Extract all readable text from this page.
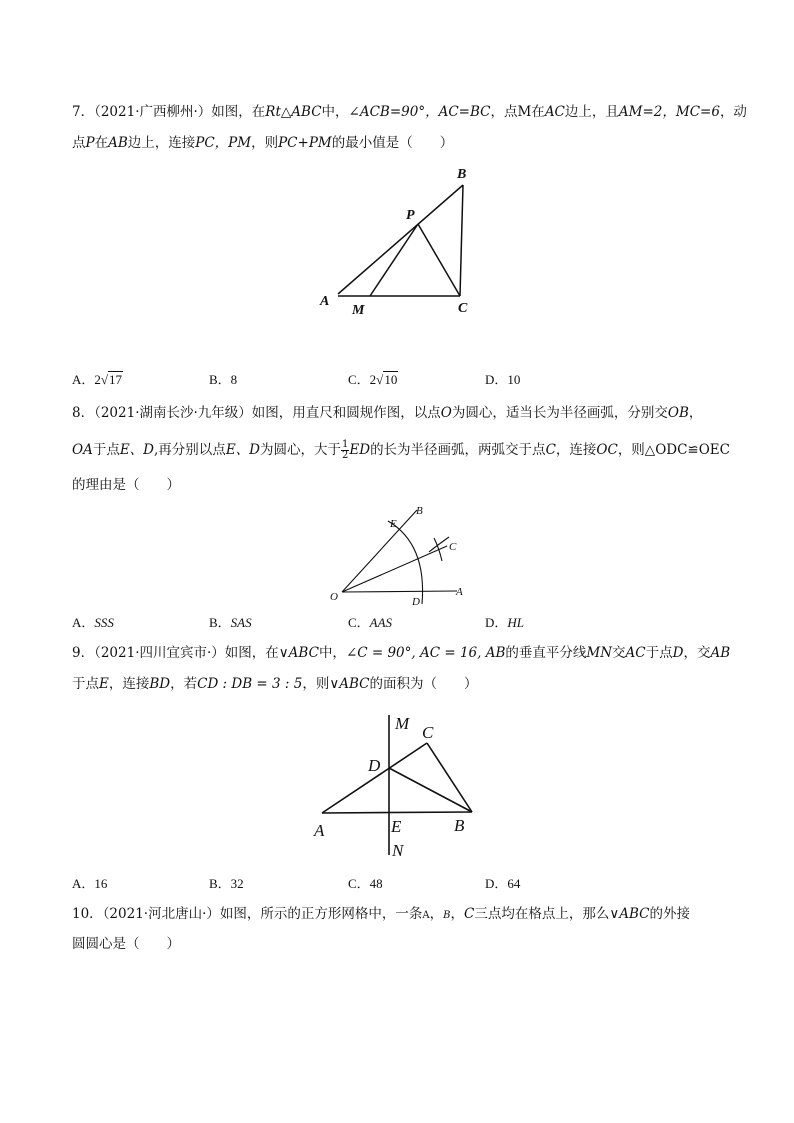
7．（2021·广西柳州·）如图，在Rt△ABC中，∠ACB=90°，AC=BC，点M在AC边上，且AM=2，MC=6，动
点P在AB边上，连接PC，PM，则PC+PM的最小值是（　　）
B
P
A
M	C
A．2√17	B．8	C．2√10	D．10
8．（2021·湖南长沙·九年级）如图，用直尺和圆规作图，以点O为圆心，适当长为半径画弧，分别交OB，
OA于点E、D,再分别以点E、D为圆心，大于 $\frac{1}{2}$ ED的长为半径画弧，两弧交于点C，连接OC，则△ODC≌OEC
的理由是（　　）
B
E
C
O	D
A
A．SSS	B．SAS	C．AAS	D．HL
9．（2021·四川宜宾市·）如图，在∨ABC中，∠C = 90°, AC = 16, AB的垂直平分线MN交AC于点D，交AB
于点E，连接BD，若CD : DB = 3 : 5，则∨ABC的面积为（　　）
M C
D
A	E	B
N
A．16	B．32	C．48	D．64
10．（2021·河北唐山·）如图，所示的正方形网格中，一条A，B，C三点均在格点上，那么∨ABC的外接
圆圆心是（　　）
